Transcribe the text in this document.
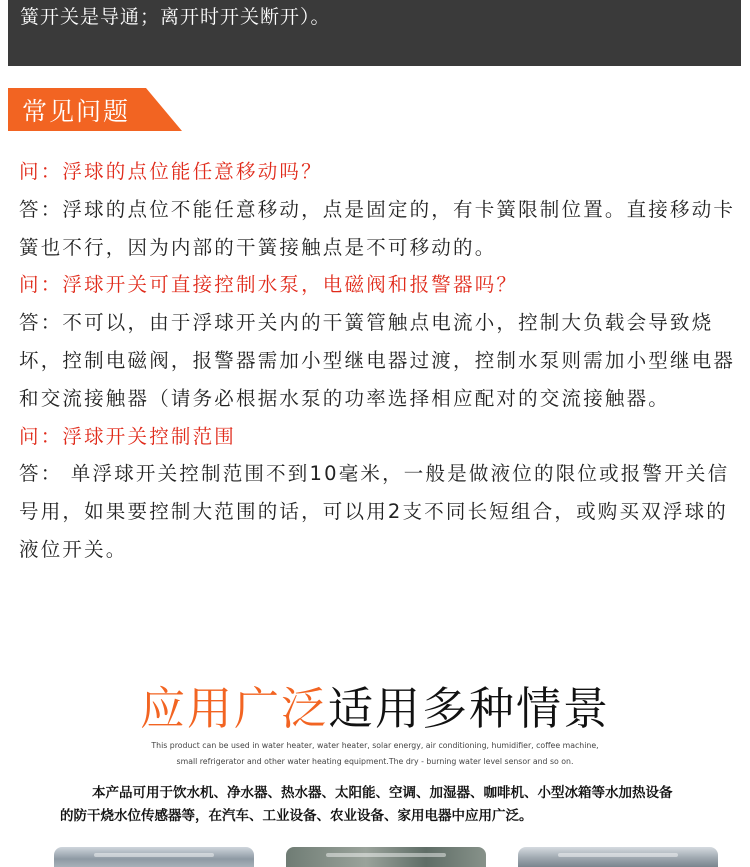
簧开关是导通；离开时开关断开）。
常见问题

问：浮球的点位能任意移动吗？

答：浮球的点位不能任意移动，点是固定的，有卡簧限制位置。直接移动卡簧也不行，因为内部的干簧接触点是不可移动的。

问：浮球开关可直接控制水泵，电磁阀和报警器吗？

答：不可以，由于浮球开关内的干簧管触点电流小，控制大负载会导致烧坏，控制电磁阀，报警器需加小型继电器过渡，控制水泵则需加小型继电器和交流接触器（请务必根据水泵的功率选择相应配对的交流接触器。

问：浮球开关控制范围

答： 单浮球开关控制范围不到10毫米，一般是做液位的限位或报警开关信号用，如果要控制大范围的话，可以用2支不同长短组合，或购买双浮球的液位开关。

应用广泛适用多种情景
This product can be used in water heater, water heater, solar energy, air conditioning, humidifier, coffee machine,
small refrigerator and other water heating equipment.The dry - burning water level sensor and so on.
本产品可用于饮水机、净水器、热水器、太阳能、空调、加湿器、咖啡机、小型冰箱等水加热设备
的防干烧水位传感器等，在汽车、工业设备、农业设备、家用电器中应用广泛。
